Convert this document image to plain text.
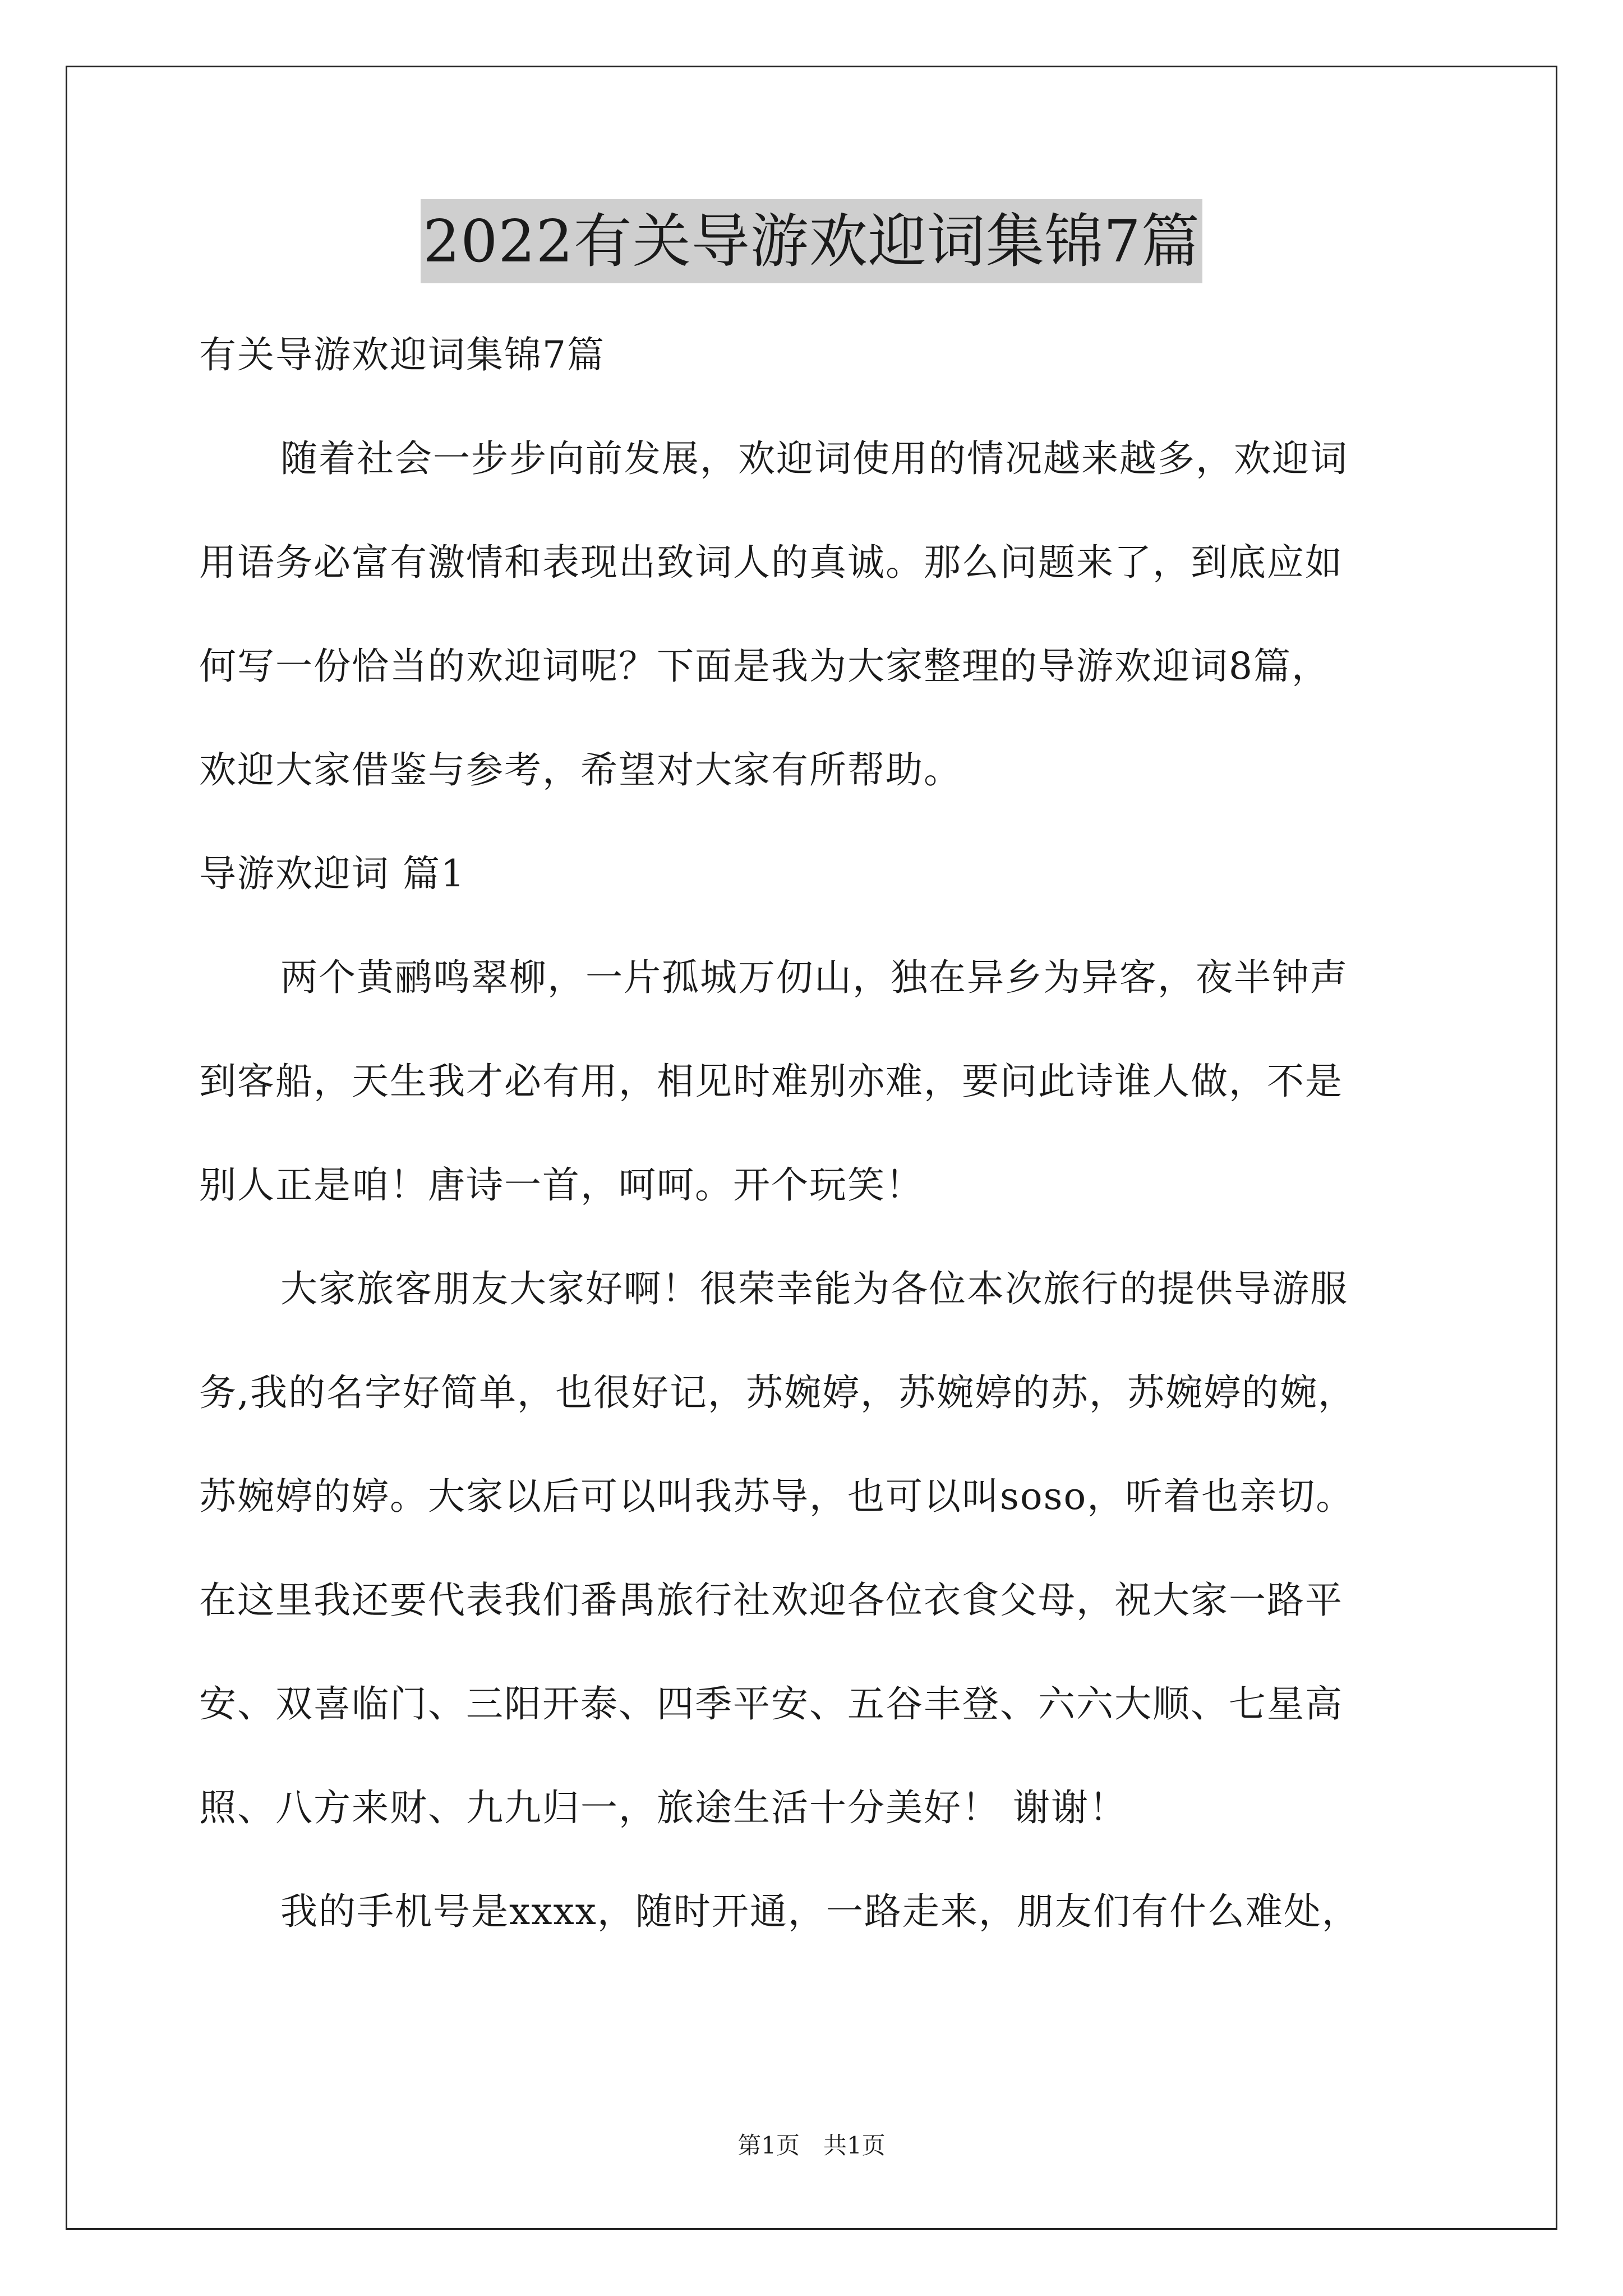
2022有关导游欢迎词集锦7篇
有关导游欢迎词集锦7篇
随着社会一步步向前发展，欢迎词使用的情况越来越多，欢迎词
用语务必富有激情和表现出致词人的真诚。那么问题来了，到底应如
何写一份恰当的欢迎词呢？下面是我为大家整理的导游欢迎词8篇，
欢迎大家借鉴与参考，希望对大家有所帮助。
导游欢迎词 篇1
两个黄鹂鸣翠柳，一片孤城万仞山，独在异乡为异客，夜半钟声
到客船，天生我才必有用，相见时难别亦难，要问此诗谁人做，不是
别人正是咱！唐诗一首，呵呵。开个玩笑！
大家旅客朋友大家好啊！很荣幸能为各位本次旅行的提供导游服
务,我的名字好简单，也很好记，苏婉婷，苏婉婷的苏，苏婉婷的婉，
苏婉婷的婷。大家以后可以叫我苏导，也可以叫soso，听着也亲切。
在这里我还要代表我们番禺旅行社欢迎各位衣食父母，祝大家一路平
安、双喜临门、三阳开泰、四季平安、五谷丰登、六六大顺、七星高
照、八方来财、九九归一，旅途生活十分美好！ 谢谢！
我的手机号是xxxx，随时开通，一路走来，朋友们有什么难处，
第1页　共1页
